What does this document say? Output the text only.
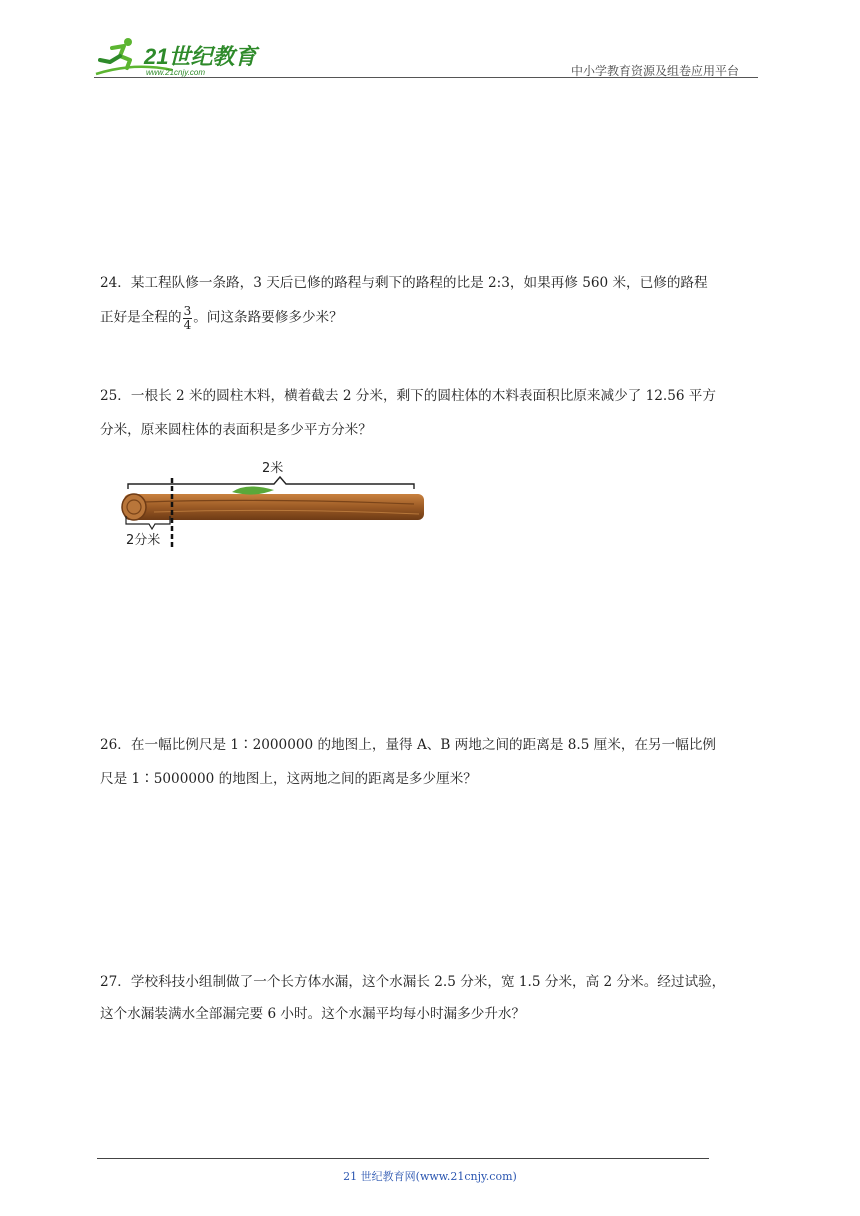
21世纪教育
www.21cnjy.com	中小学教育资源及组卷应用平台
24．某工程队修一条路，3 天后已修的路程与剩下的路程的比是 2:3，如果再修 560 米，已修的路程
正好是全程的 $\frac{3}{4}$ 。问这条路要修多少米？
25．一根长 2 米的圆柱木料，横着截去 2 分米，剩下的圆柱体的木料表面积比原来减少了 12.56 平方
分米，原来圆柱体的表面积是多少平方分米？
2米
2分米
26．在一幅比例尺是 1∶2000000 的地图上，量得 A、B 两地之间的距离是 8.5 厘米，在另一幅比例
尺是 1∶5000000 的地图上，这两地之间的距离是多少厘米？
27．学校科技小组制做了一个长方体水漏，这个水漏长 2.5 分米，宽 1.5 分米，高 2 分米。经过试验，
这个水漏装满水全部漏完要 6 小时。这个水漏平均每小时漏多少升水？
21 世纪教育网(www.21cnjy.com)
